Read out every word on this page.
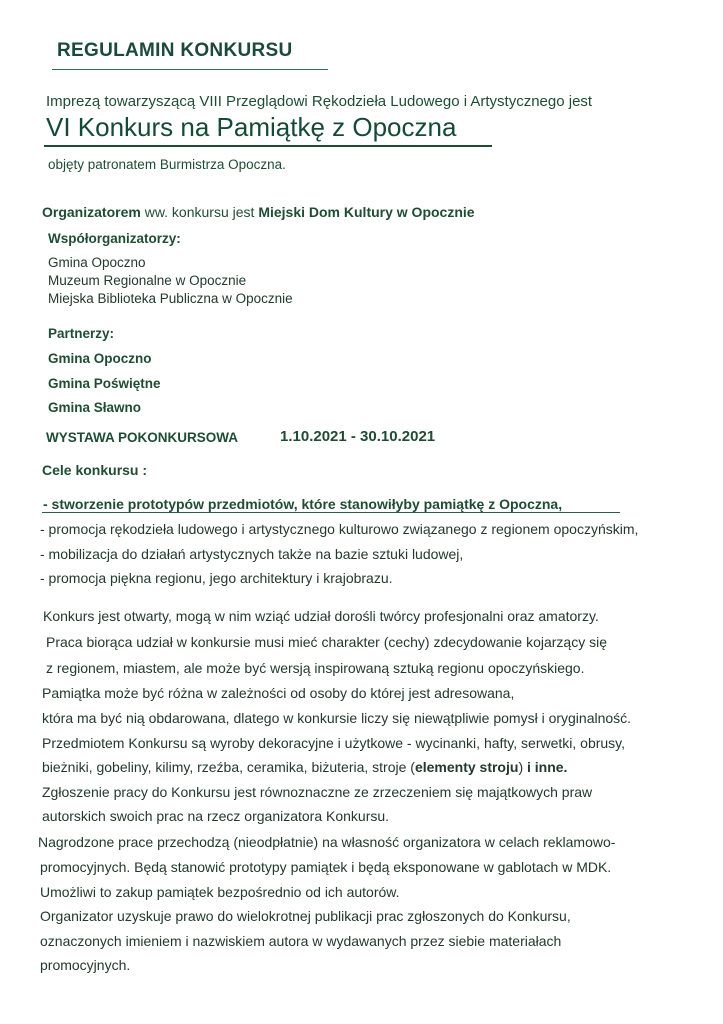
REGULAMIN KONKURSU
Imprezą towarzyszącą VIII Przeglądowi Rękodzieła Ludowego i Artystycznego jest
VI Konkurs na Pamiątkę z Opoczna
objęty patronatem Burmistrza Opoczna.
Organizatorem ww. konkursu jest Miejski Dom Kultury w Opocznie
Współorganizatorzy:
Gmina Opoczno
Muzeum Regionalne w Opocznie
Miejska Biblioteka Publiczna w Opocznie
Partnerzy:
Gmina Opoczno
Gmina Poświętne
Gmina Sławno
WYSTAWA POKONKURSOWA	1.10.2021 - 30.10.2021
Cele konkursu :
- stworzenie prototypów przedmiotów, które stanowiłyby pamiątkę z Opoczna,
- promocja rękodzieła ludowego i artystycznego kulturowo związanego z regionem opoczyńskim,
- mobilizacja do działań artystycznych także na bazie sztuki ludowej,
- promocja piękna regionu, jego architektury i krajobrazu.
Konkurs jest otwarty, mogą w nim wziąć udział dorośli twórcy profesjonalni oraz amatorzy.
Praca biorąca udział w konkursie musi mieć charakter (cechy) zdecydowanie kojarzący się
z regionem, miastem, ale może być wersją inspirowaną sztuką regionu opoczyńskiego.
Pamiątka może być różna w zależności od osoby do której jest adresowana,
która ma być nią obdarowana, dlatego w konkursie liczy się niewątpliwie pomysł i oryginalność.
Przedmiotem Konkursu są wyroby dekoracyjne i użytkowe - wycinanki, hafty, serwetki, obrusy,
bieżniki, gobeliny, kilimy, rzeźba, ceramika, biżuteria, stroje (elementy stroju) i inne.
Zgłoszenie pracy do Konkursu jest równoznaczne ze zrzeczeniem się majątkowych praw
autorskich swoich prac na rzecz organizatora Konkursu.
Nagrodzone prace przechodzą (nieodpłatnie) na własność organizatora w celach reklamowo-
promocyjnych. Będą stanowić prototypy pamiątek i będą eksponowane w gablotach w MDK.
Umożliwi to zakup pamiątek bezpośrednio od ich autorów.
Organizator uzyskuje prawo do wielokrotnej publikacji prac zgłoszonych do Konkursu,
oznaczonych imieniem i nazwiskiem autora w wydawanych przez siebie materiałach
promocyjnych.
